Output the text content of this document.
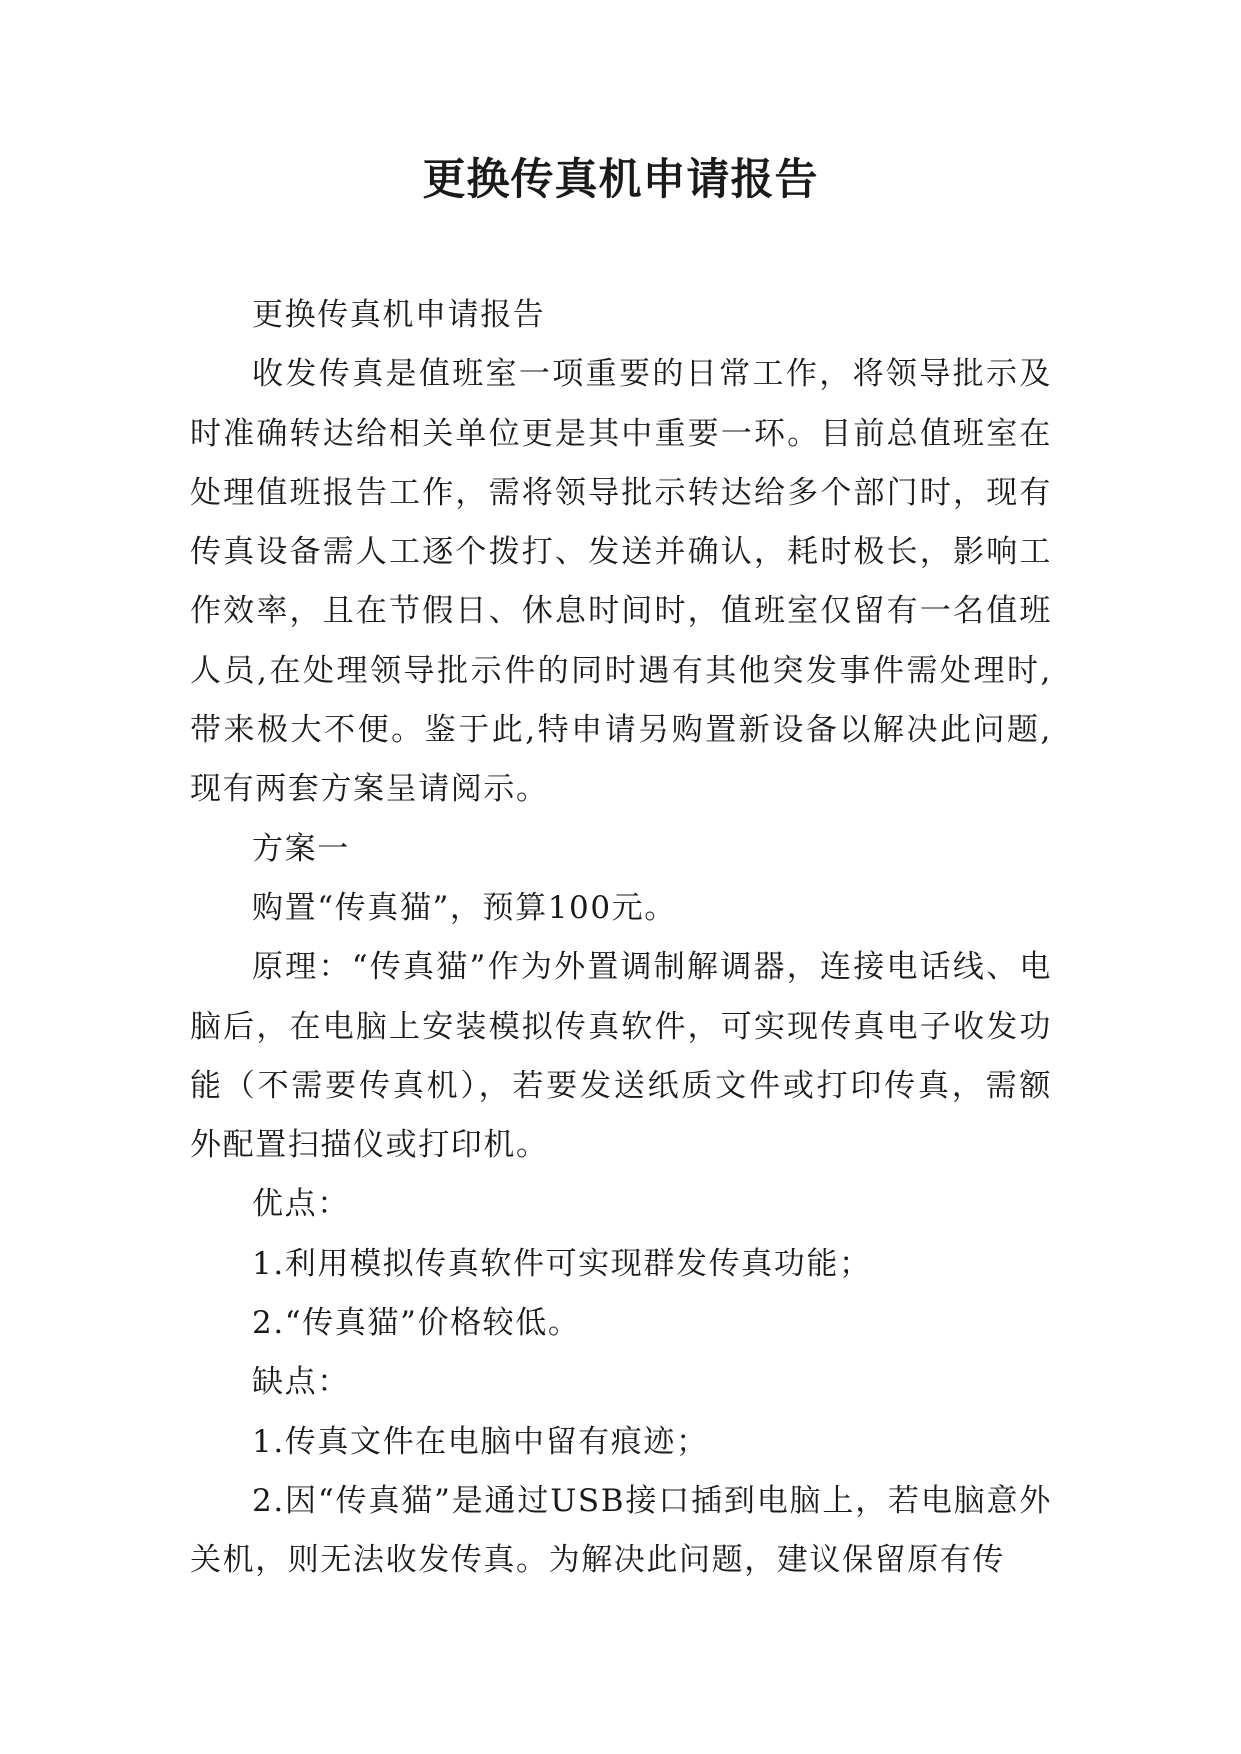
更换传真机申请报告

更换传真机申请报告

收发传真是值班室一项重要的日常工作，将领导批示及时准确转达给相关单位更是其中重要一环。目前总值班室在处理值班报告工作，需将领导批示转达给多个部门时，现有传真设备需人工逐个拨打、发送并确认，耗时极长，影响工作效率，且在节假日、休息时间时，值班室仅留有一名值班人员,在处理领导批示件的同时遇有其他突发事件需处理时,带来极大不便。鉴于此,特申请另购置新设备以解决此问题,现有两套方案呈请阅示。

方案一

购置“传真猫”，预算100元。

原理：“传真猫”作为外置调制解调器，连接电话线、电脑后，在电脑上安装模拟传真软件，可实现传真电子收发功能（不需要传真机），若要发送纸质文件或打印传真，需额外配置扫描仪或打印机。

优点：

1.利用模拟传真软件可实现群发传真功能；

2.“传真猫”价格较低。

缺点：

1.传真文件在电脑中留有痕迹；

2.因“传真猫”是通过USB接口插到电脑上，若电脑意外关机，则无法收发传真。为解决此问题，建议保留原有传
